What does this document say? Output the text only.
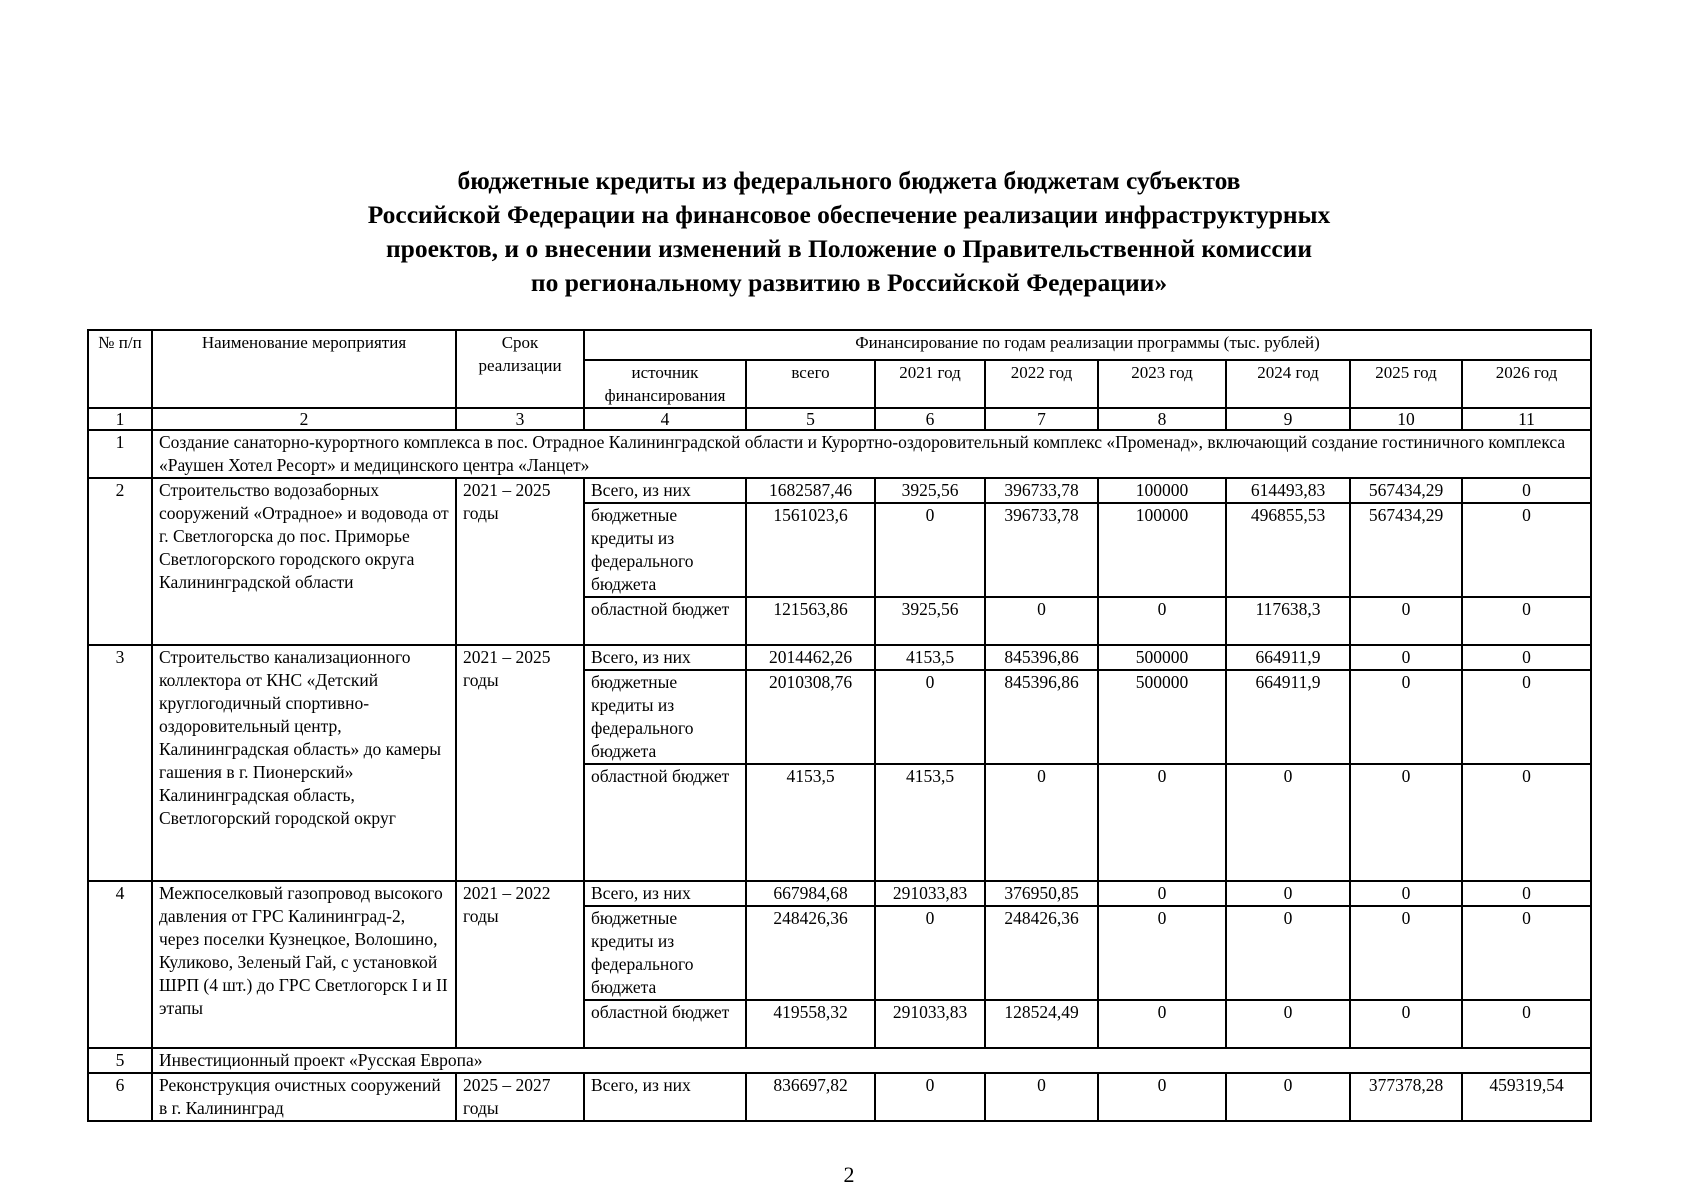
бюджетные кредиты из федерального бюджета бюджетам субъектов
Российской Федерации на финансовое обеспечение реализации инфраструктурных
проектов, и о внесении изменений в Положение о Правительственной комиссии
по региональному развитию в Российской Федерации»
№ п/п	Наименование мероприятия	Срок реализации	Финансирование по годам реализации программы (тыс. рублей)							
			источник финансирования	всего	2021 год	2022 год	2023 год	2024 год	2025 год	2026 год
1	2	3	4	5	6	7	8	9	10	11
1	Создание санаторно-курортного комплекса в пос. Отрадное Калининградской области и Курортно-оздоровительный комплекс «Променад», включающий создание гостиничного комплекса «Раушен Хотел Ресорт» и медицинского центра «Ланцет»									
2	Строительство водозаборных сооружений «Отрадное» и водовода от г. Светлогорска до пос. Приморье Светлогорского городского округа Калининградской области	2021 – 2025 годы	Всего, из них	1682587,46	3925,56	396733,78	100000	614493,83	567434,29	0
			бюджетные кредиты из федерального бюджета	1561023,6	0	396733,78	100000	496855,53	567434,29	0
			областной бюджет	121563,86	3925,56	0	0	117638,3	0	0
3	Строительство канализационного коллектора от КНС «Детский круглогодичный спортивно-оздоровительный центр, Калининградская область» до камеры гашения в г. Пионерский» Калининградская область, Светлогорский городской округ	2021 – 2025 годы	Всего, из них	2014462,26	4153,5	845396,86	500000	664911,9	0	0
			бюджетные кредиты из федерального бюджета	2010308,76	0	845396,86	500000	664911,9	0	0
			областной бюджет	4153,5	4153,5	0	0	0	0	0
4	Межпоселковый газопровод высокого давления от ГРС Калининград-2, через поселки Кузнецкое, Волошино, Куликово, Зеленый Гай, с установкой ШРП (4 шт.) до ГРС Светлогорск I и II этапы	2021 – 2022 годы	Всего, из них	667984,68	291033,83	376950,85	0	0	0	0
			бюджетные кредиты из федерального бюджета	248426,36	0	248426,36	0	0	0	0
			областной бюджет	419558,32	291033,83	128524,49	0	0	0	0
5	Инвестиционный проект «Русская Европа»									
6	Реконструкция очистных сооружений в г. Калининград	2025 – 2027 годы	Всего, из них	836697,82	0	0	0	0	377378,28	459319,54
2
